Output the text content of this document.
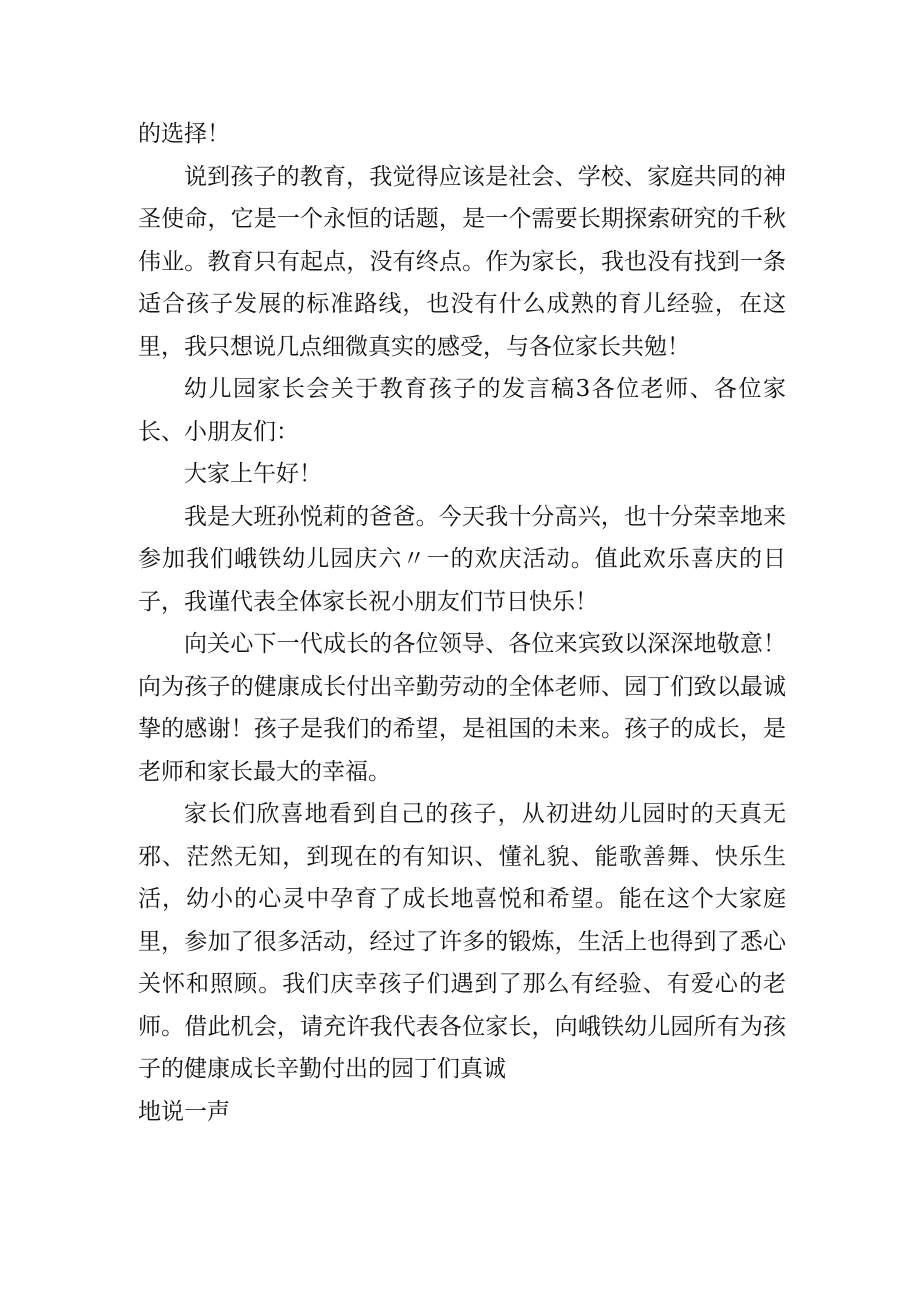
的选择！

说到孩子的教育，我觉得应该是社会、学校、家庭共同的神圣使命，它是一个永恒的话题，是一个需要长期探索研究的千秋伟业。教育只有起点，没有终点。作为家长，我也没有找到一条适合孩子发展的标准路线，也没有什么成熟的育儿经验，在这里，我只想说几点细微真实的感受，与各位家长共勉！

幼儿园家长会关于教育孩子的发言稿3各位老师、各位家长、小朋友们：

大家上午好！

我是大班孙悦莉的爸爸。今天我十分高兴，也十分荣幸地来参加我们峨铁幼儿园庆六〃一的欢庆活动。值此欢乐喜庆的日子，我谨代表全体家长祝小朋友们节日快乐！

向关心下一代成长的各位领导、各位来宾致以深深地敬意！向为孩子的健康成长付出辛勤劳动的全体老师、园丁们致以最诚挚的感谢！孩子是我们的希望，是祖国的未来。孩子的成长，是老师和家长最大的幸福。

家长们欣喜地看到自己的孩子，从初进幼儿园时的天真无邪、茫然无知，到现在的有知识、懂礼貌、能歌善舞、快乐生活，幼小的心灵中孕育了成长地喜悦和希望。能在这个大家庭里，参加了很多活动，经过了许多的锻炼，生活上也得到了悉心关怀和照顾。我们庆幸孩子们遇到了那么有经验、有爱心的老师。借此机会，请充许我代表各位家长，向峨铁幼儿园所有为孩子的健康成长辛勤付出的园丁们真诚

地说一声
